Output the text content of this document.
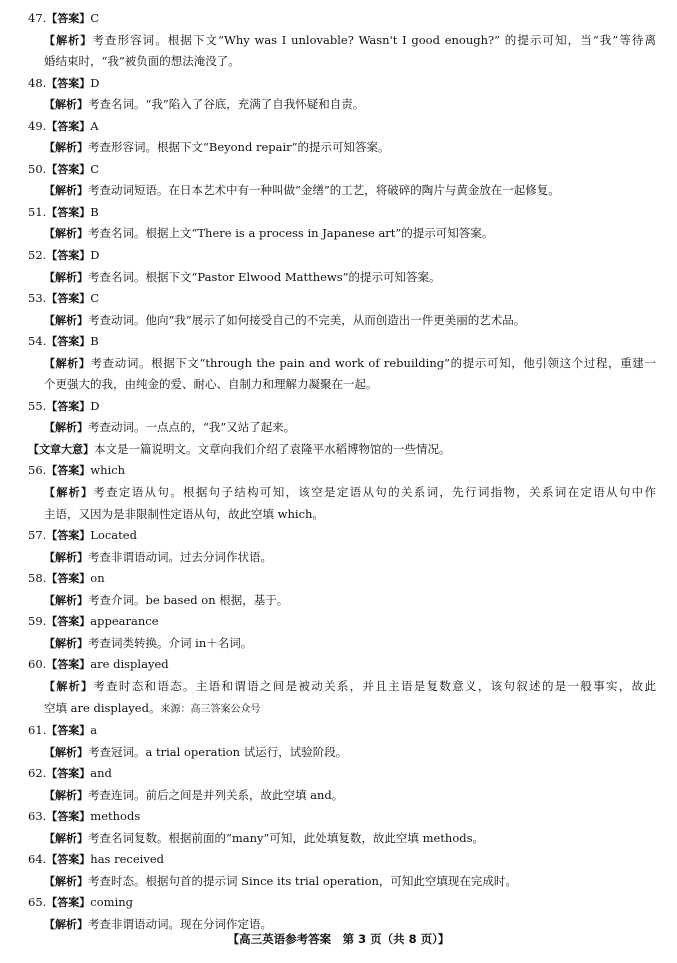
47.【答案】C
【解析】考查形容词。根据下文“Why was I unlovable? Wasn't I good enough?” 的提示可知，当“我”等待离
婚结束时，“我”被负面的想法淹没了。
48.【答案】D
【解析】考查名词。“我”陷入了谷底，充满了自我怀疑和自责。
49.【答案】A
【解析】考查形容词。根据下文“Beyond repair”的提示可知答案。
50.【答案】C
【解析】考查动词短语。在日本艺术中有一种叫做“金缮”的工艺，将破碎的陶片与黄金放在一起修复。
51.【答案】B
【解析】考查名词。根据上文“There is a process in Japanese art”的提示可知答案。
52.【答案】D
【解析】考查名词。根据下文“Pastor Elwood Matthews”的提示可知答案。
53.【答案】C
【解析】考查动词。他向“我”展示了如何接受自己的不完美，从而创造出一件更美丽的艺术品。
54.【答案】B
【解析】考查动词。根据下文“through the pain and work of rebuilding”的提示可知，他引领这个过程，重建一
个更强大的我，由纯金的爱、耐心、自制力和理解力凝聚在一起。
55.【答案】D
【解析】考查动词。一点点的，“我”又站了起来。
【文章大意】本文是一篇说明文。文章向我们介绍了袁隆平水稻博物馆的一些情况。
56.【答案】which
【解析】考查定语从句。根据句子结构可知，该空是定语从句的关系词，先行词指物，关系词在定语从句中作
主语，又因为是非限制性定语从句，故此空填 which。
57.【答案】Located
【解析】考查非谓语动词。过去分词作状语。
58.【答案】on
【解析】考查介词。be based on 根据，基于。
59.【答案】appearance
【解析】考查词类转换。介词 in＋名词。
60.【答案】are displayed
【解析】考查时态和语态。主语和谓语之间是被动关系，并且主语是复数意义，该句叙述的是一般事实，故此
空填 are displayed。来源：高三答案公众号
61.【答案】a
【解析】考查冠词。a trial operation 试运行，试验阶段。
62.【答案】and
【解析】考查连词。前后之间是并列关系，故此空填 and。
63.【答案】methods
【解析】考查名词复数。根据前面的“many”可知，此处填复数，故此空填 methods。
64.【答案】has received
【解析】考查时态。根据句首的提示词 Since its trial operation，可知此空填现在完成时。
65.【答案】coming
【解析】考查非谓语动词。现在分词作定语。
【高三英语参考答案　第 3 页（共 8 页）】
